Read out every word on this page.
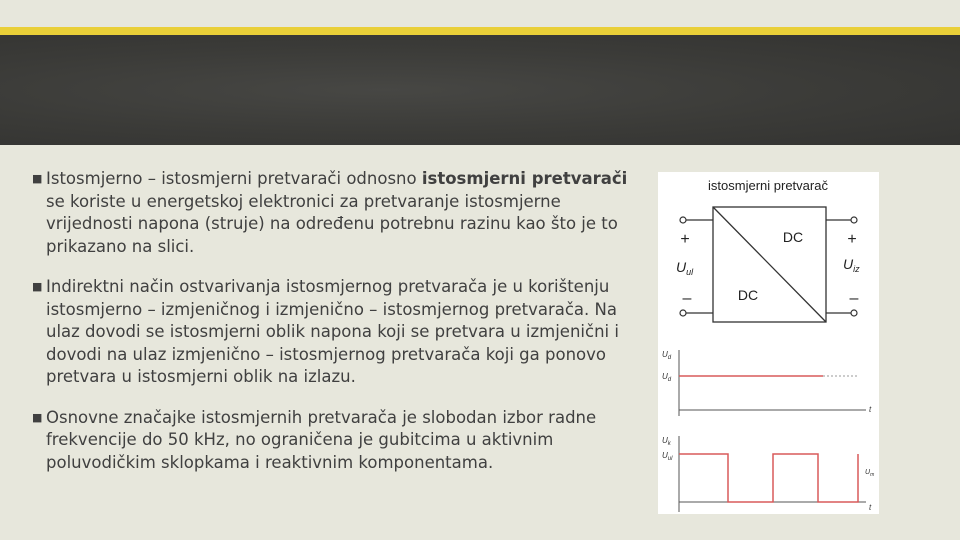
■ Istosmjerno – istosmjerni pretvarači odnosno istosmjerni pretvarači se koriste u energetskoj elektronici za pretvaranje istosmjerne vrijednosti napona (struje) na određenu potrebnu razinu kao što je to prikazano na slici.
■ Indirektni način ostvarivanja istosmjernog pretvarača je u korištenju istosmjerno – izmjeničnog i izmjenično – istosmjernog pretvarača. Na ulaz dovodi se istosmjerni oblik napona koji se pretvara u izmjenični i dovodi na ulaz izmjenično – istosmjernog pretvarača koji ga ponovo pretvara u istosmjerni oblik na izlazu.
■ Osnovne značajke istosmjernih pretvarača je slobodan izbor radne frekvencije do 50 kHz, no ograničena je gubitcima u aktivnim poluvodičkim sklopkama i reaktivnim komponentama.
istosmjerni pretvarač
DC
DC
+	+
–	–
$U_{ul}$	$U_{iz}$
$U_d$
$U_d$
t
$U_k$
$U_{ul}$
$U_m$
t
